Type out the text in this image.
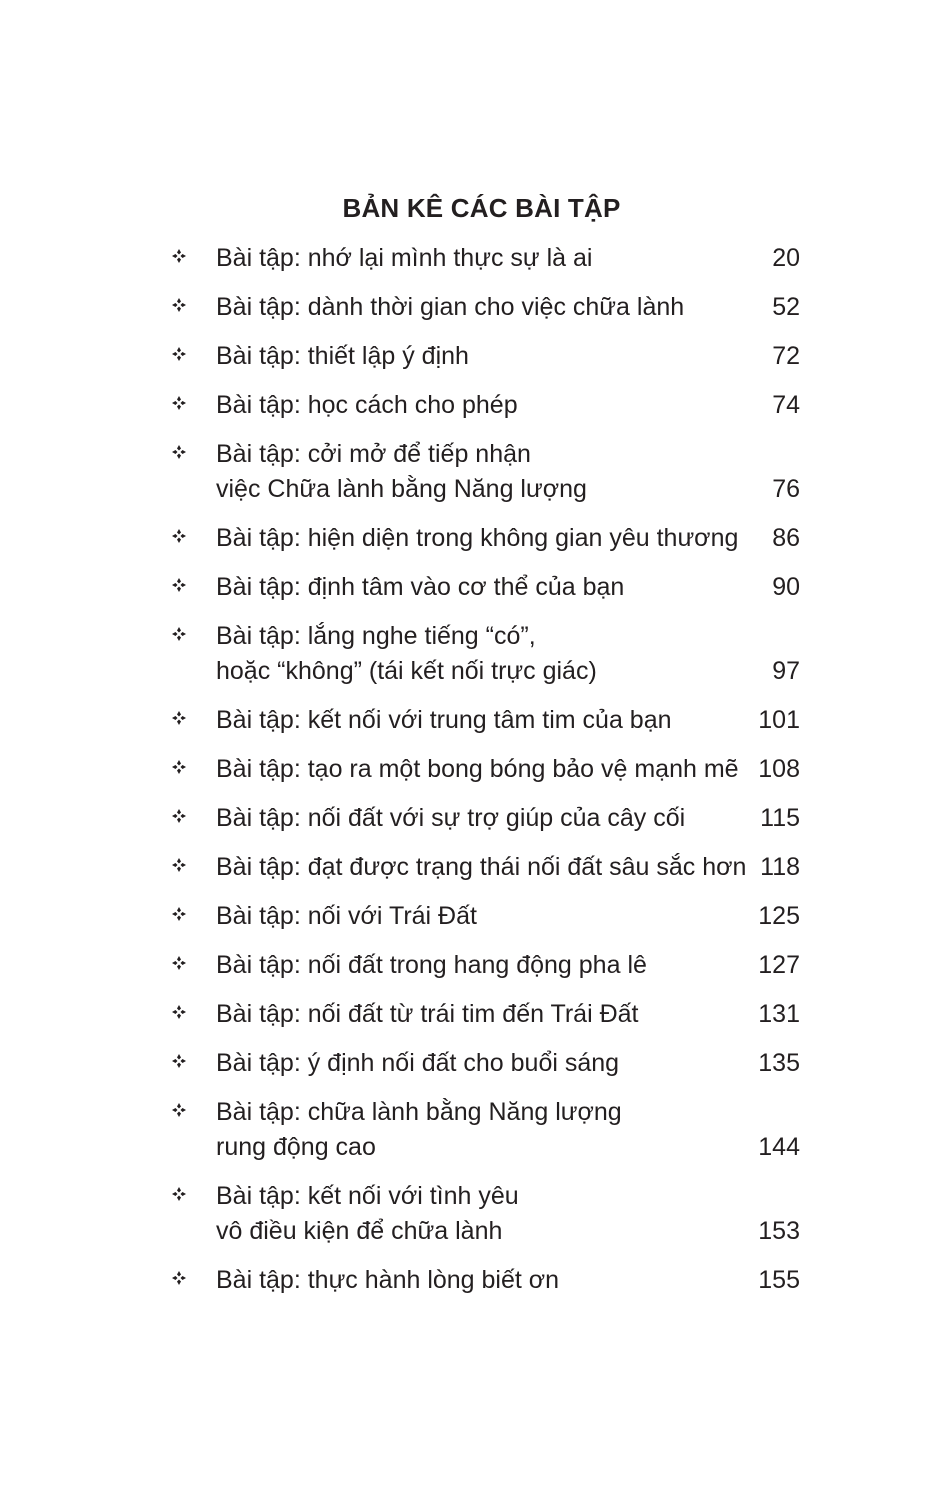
BẢN KÊ CÁC BÀI TẬP
Bài tập: nhớ lại mình thực sự là ai	20
Bài tập: dành thời gian cho việc chữa lành	52
Bài tập: thiết lập ý định	72
Bài tập: học cách cho phép	74
Bài tập: cởi mở để tiếp nhận
việc Chữa lành bằng Năng lượng	76
Bài tập: hiện diện trong không gian yêu thương 86
Bài tập: định tâm vào cơ thể của bạn	90
Bài tập: lắng nghe tiếng “có”,
hoặc “không” (tái kết nối trực giác)	97
Bài tập: kết nối với trung tâm tim của bạn	101
Bài tập: tạo ra một bong bóng bảo vệ mạnh mẽ 108
Bài tập: nối đất với sự trợ giúp của cây cối	115
Bài tập: đạt được trạng thái nối đất sâu sắc hơn 118
Bài tập: nối với Trái Đất	125
Bài tập: nối đất trong hang động pha lê	127
Bài tập: nối đất từ trái tim đến Trái Đất	131
Bài tập: ý định nối đất cho buổi sáng	135
Bài tập: chữa lành bằng Năng lượng
rung động cao	144
Bài tập: kết nối với tình yêu
vô điều kiện để chữa lành	153
Bài tập: thực hành lòng biết ơn	155
